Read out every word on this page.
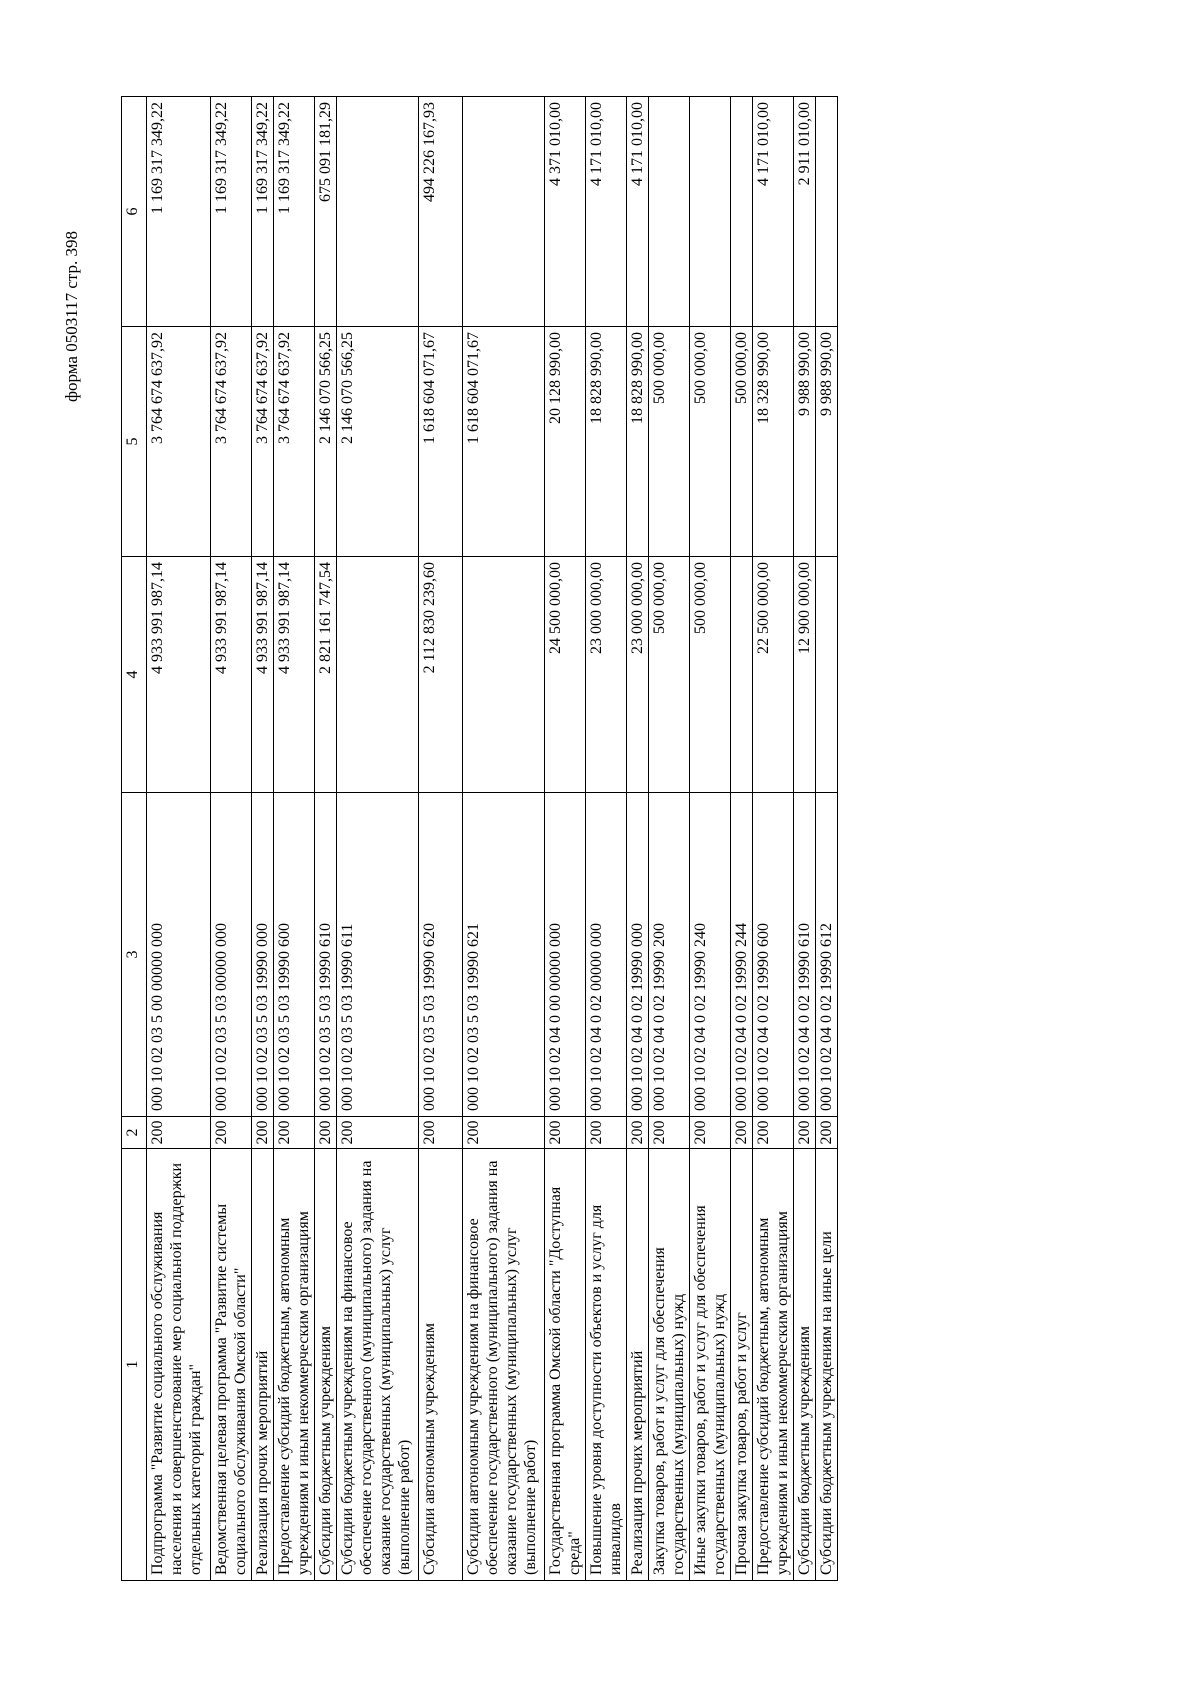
форма 0503117 стр. 398
1	2	3	4	5	6
Подпрограмма "Развитие социального обслуживания населения и совершенствование мер социальной поддержки отдельных категорий граждан"	200	000 10 02 03 5 00 00000 000	4 933 991 987,14	3 764 674 637,92	1 169 317 349,22
Ведомственная целевая программа "Развитие системы социального обслуживания Омской области"	200	000 10 02 03 5 03 00000 000	4 933 991 987,14	3 764 674 637,92	1 169 317 349,22
Реализация прочих мероприятий	200	000 10 02 03 5 03 19990 000	4 933 991 987,14	3 764 674 637,92	1 169 317 349,22
Предоставление субсидий бюджетным, автономным учреждениям и иным некоммерческим организациям	200	000 10 02 03 5 03 19990 600	4 933 991 987,14	3 764 674 637,92	1 169 317 349,22
Субсидии бюджетным учреждениям	200	000 10 02 03 5 03 19990 610	2 821 161 747,54	2 146 070 566,25	675 091 181,29
Субсидии бюджетным учреждениям на финансовое обеспечение государственного (муниципального) задания на оказание государственных (муниципальных) услуг (выполнение работ)	200	000 10 02 03 5 03 19990 611		2 146 070 566,25	
Субсидии автономным учреждениям	200	000 10 02 03 5 03 19990 620	2 112 830 239,60	1 618 604 071,67	494 226 167,93
Субсидии автономным учреждениям на финансовое обеспечение государственного (муниципального) задания на оказание государственных (муниципальных) услуг (выполнение работ)	200	000 10 02 03 5 03 19990 621		1 618 604 071,67	
Государственная программа Омской области "Доступная среда"	200	000 10 02 04 0 00 00000 000	24 500 000,00	20 128 990,00	4 371 010,00
Повышение уровня доступности объектов и услуг для инвалидов	200	000 10 02 04 0 02 00000 000	23 000 000,00	18 828 990,00	4 171 010,00
Реализация прочих мероприятий	200	000 10 02 04 0 02 19990 000	23 000 000,00	18 828 990,00	4 171 010,00
Закупка товаров, работ и услуг для обеспечения государственных (муниципальных) нужд	200	000 10 02 04 0 02 19990 200	500 000,00	500 000,00	
Иные закупки товаров, работ и услуг для обеспечения государственных (муниципальных) нужд	200	000 10 02 04 0 02 19990 240	500 000,00	500 000,00	
Прочая закупка товаров, работ и услуг	200	000 10 02 04 0 02 19990 244		500 000,00	
Предоставление субсидий бюджетным, автономным учреждениям и иным некоммерческим организациям	200	000 10 02 04 0 02 19990 600	22 500 000,00	18 328 990,00	4 171 010,00
Субсидии бюджетным учреждениям	200	000 10 02 04 0 02 19990 610	12 900 000,00	9 988 990,00	2 911 010,00
Субсидии бюджетным учреждениям на иные цели	200	000 10 02 04 0 02 19990 612		9 988 990,00	
